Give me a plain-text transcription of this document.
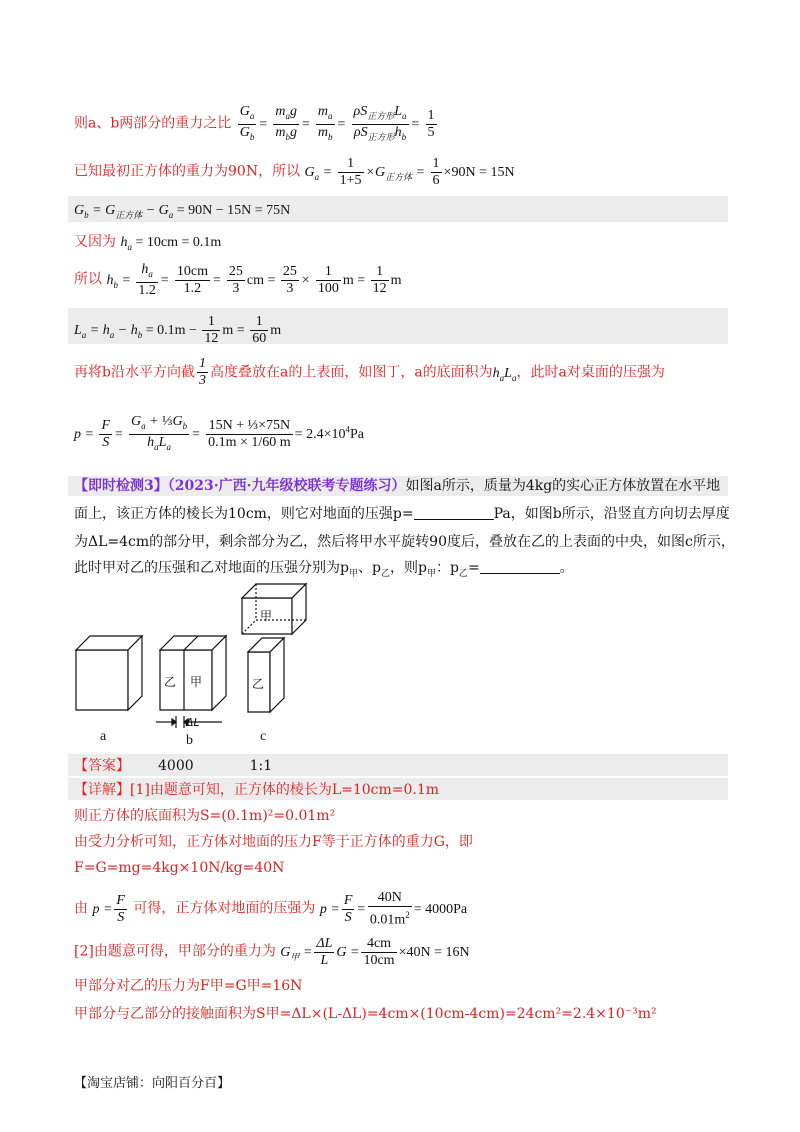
则a、b两部分的重力之比 $\frac{G_a}{G_b} = \frac{m_ag}{m_bg} = \frac{m_a}{m_b} = \frac{\rho S_{正方形}L_a}{\rho S_{正方形}h_b} = \frac{1}{5}$
已知最初正方体的重力为90N，所以 $G_a = \frac{1}{1+5} \times G_{正方体} = \frac{1}{6} \times 90N = 15N$
$G_b = G_{正方体} - G_a = 90N - 15N = 75N$
又因为 $h_a = 10cm = 0.1m$
所以 $h_b = \frac{h_a}{1.2} = \frac{10cm}{1.2} = \frac{25}{3}$ cm = $\frac{25}{3} \times \frac{1}{100}$ $m = \frac{1}{12}$ m
$L_a = h_a - h_b = 0.1m - \frac{1}{12}$ $m = \frac{1}{60}$ m
再将b沿水平方向截 $\frac{1}{3}$ 高度叠放在a的上表面，如图丁，a的底面积为$h_aL_a$，此时a对桌面的压强为
$p = \frac{F}{S} = \frac{G_a + \frac{1}{3}G_b}{h_aL_a} = \frac{\text{15N + ⅓×75N}}{0.1m \times 1/60 m} = 2.4\times 10^4Pa$
【即时检测3】（2023·广西·九年级校联考专题练习）如图a所示，质量为4kg的实心正方体放置在水平地
面上，该正方体的棱长为10cm，则它对地面的压强p=	Pa，如图b所示，沿竖直方向切去厚度
为ΔL=4cm的部分甲，剩余部分为乙，然后将甲水平旋转90度后，叠放在乙的上表面的中央，如图c所示，
此时甲对乙的压强和乙对地面的压强分别为$p_甲$、$p_乙$，则$p_甲$：$p_乙=$	。
乙 甲	乙
甲
ΔL
a	b	c
【答案】 4000	1:1
【详解】[1]由题意可知，正方体的棱长为L=10cm=0.1m
则正方体的底面积为S=(0.1m)²=0.01m²
由受力分析可知，正方体对地面的压力F等于正方体的重力G，即
F=G=mg=4kg×10N/kg=40N
由 $p = \frac{F}{S}$ 可得，正方体对地面的压强为 $p = \frac{F}{S} = \frac{40N}{0.01m^2} = 4000Pa$
[2]由题意可得，甲部分的重力为 $G_甲 = \frac{\Delta L}{L}$ $G = \frac{4cm}{10cm} \times 40N = 16N$
甲部分对乙的压力为F甲=G甲=16N
甲部分与乙部分的接触面积为S甲=ΔL×(L-ΔL)=4cm×(10cm-4cm)=24cm²=2.4×10⁻³m²
【淘宝店铺：向阳百分百】
